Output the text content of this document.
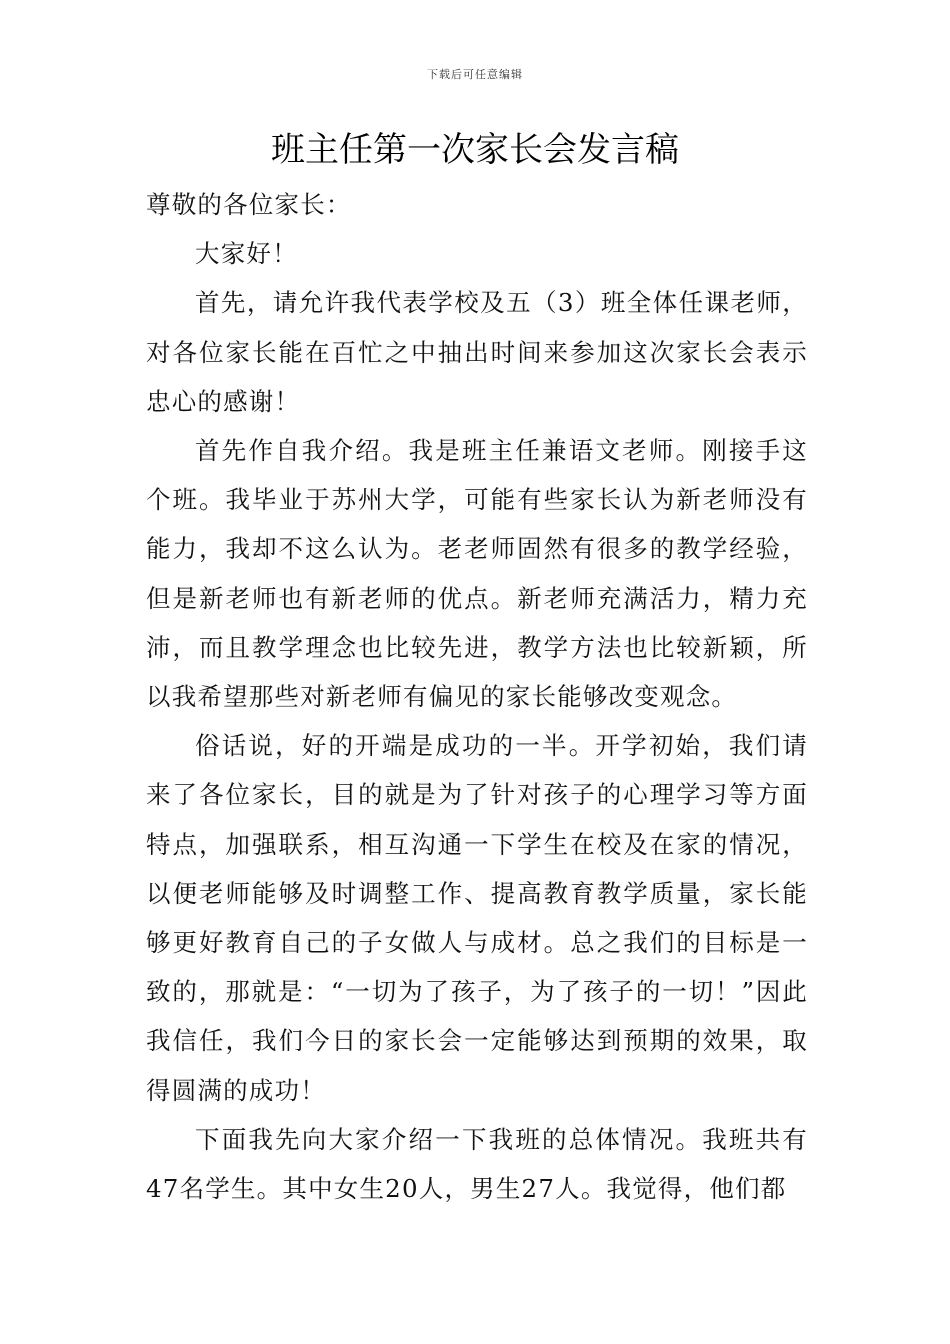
下载后可任意编辑
班主任第一次家长会发言稿

尊敬的各位家长：

大家好！

首先，请允许我代表学校及五（3）班全体任课老师，对各位家长能在百忙之中抽出时间来参加这次家长会表示忠心的感谢！

首先作自我介绍。我是班主任兼语文老师。刚接手这个班。我毕业于苏州大学，可能有些家长认为新老师没有能力，我却不这么认为。老老师固然有很多的教学经验，但是新老师也有新老师的优点。新老师充满活力，精力充沛，而且教学理念也比较先进，教学方法也比较新颖，所以我希望那些对新老师有偏见的家长能够改变观念。

俗话说，好的开端是成功的一半。开学初始，我们请来了各位家长，目的就是为了针对孩子的心理学习等方面特点，加强联系，相互沟通一下学生在校及在家的情况，以便老师能够及时调整工作、提高教育教学质量，家长能够更好教育自己的子女做人与成材。总之我们的目标是一致的，那就是：“一切为了孩子，为了孩子的一切！”因此我信任，我们今日的家长会一定能够达到预期的效果，取得圆满的成功！

下面我先向大家介绍一下我班的总体情况。我班共有47名学生。其中女生20人，男生27人。我觉得，他们都
